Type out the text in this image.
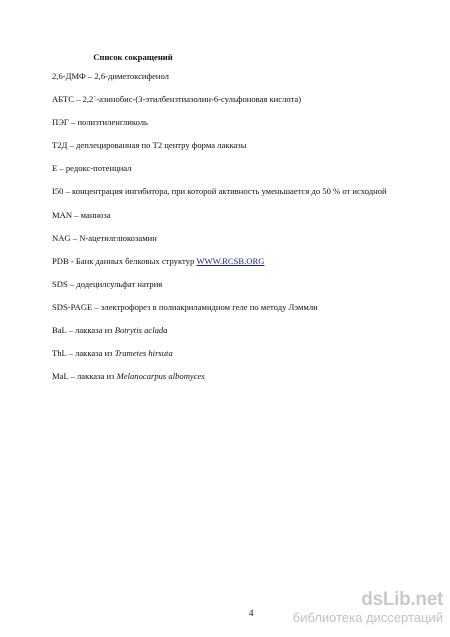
Список сокращений
2,6-ДМФ – 2,6-диметоксифенол
АБТС – 2,2`-азинобис-(3-этилбензтиазолин-6-сульфоновая кислота)
ПЭГ – полиэтиленгликоль
Т2Д – деплецированная по Т2 центру форма лакказы
E – редокс-потенциал
I50 – концентрация ингибитора, при которой активность уменьшается до 50 % от исходной
MAN – манноза
NAG – N-ацетилглюкозамин
PDB - Банк данных белковых структур WWW.RCSB.ORG
SDS – додецилсульфат натрия
SDS-PAGE – электрофорез в полиакриламидном геле по методу Лэммли
BaL – лакказа из Botrytis aclada
ThL – лакказа из Trametes hirsuta
MaL – лакказа из Melanocarpus albomyces
4
dsLib.net
библиотека диссертаций
